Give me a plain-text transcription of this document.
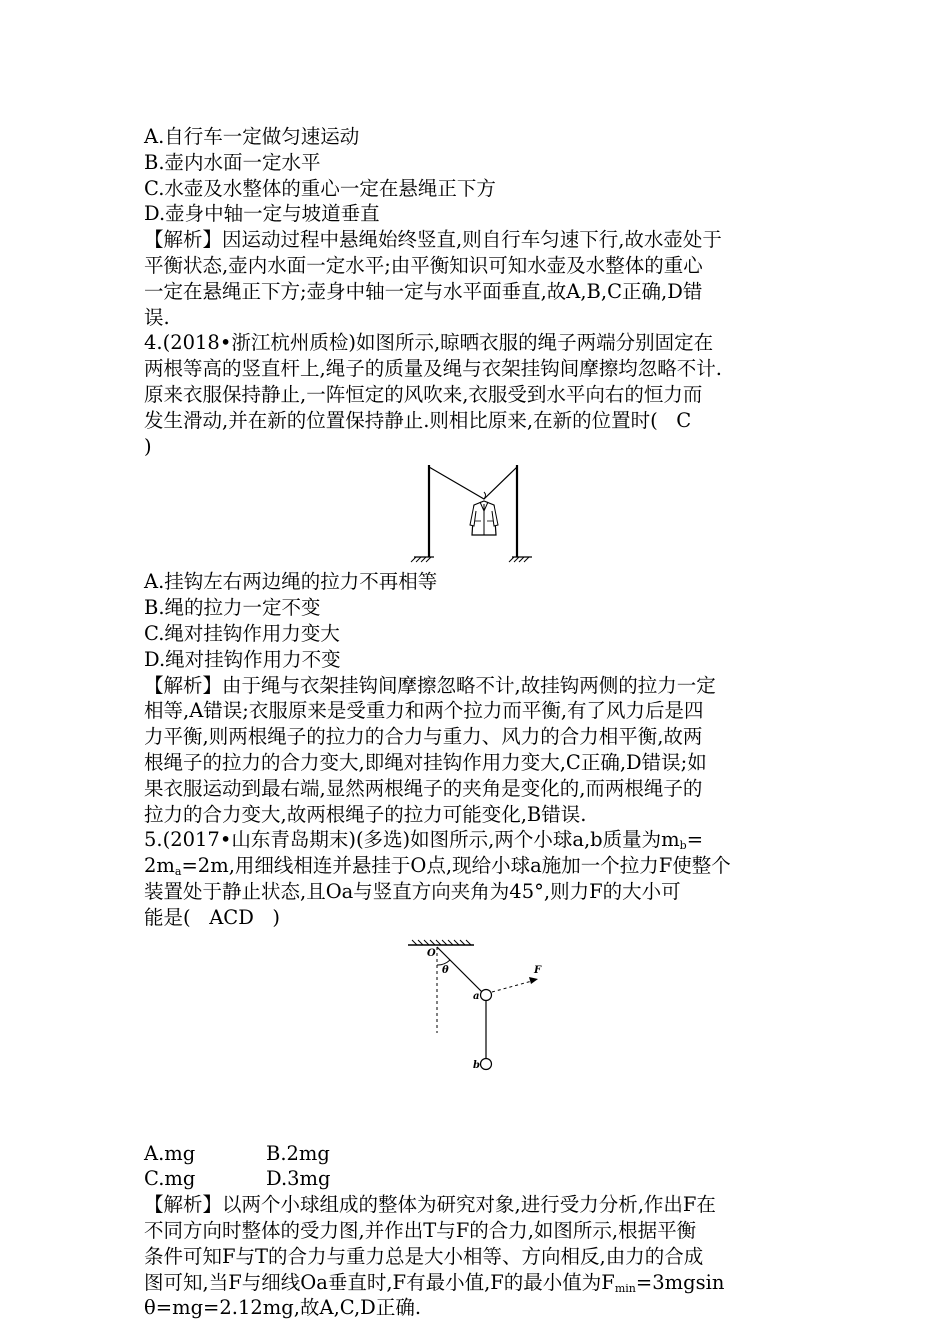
A.自行车一定做匀速运动
B.壶内水面一定水平
C.水壶及水整体的重心一定在悬绳正下方
D.壶身中轴一定与坡道垂直
【解析】因运动过程中悬绳始终竖直,则自行车匀速下行,故水壶处于
平衡状态,壶内水面一定水平;由平衡知识可知水壶及水整体的重心
一定在悬绳正下方;壶身中轴一定与水平面垂直,故A,B,C正确,D错
误.
4.(2018•浙江杭州质检)如图所示,晾晒衣服的绳子两端分别固定在
两根等高的竖直杆上,绳子的质量及绳与衣架挂钩间摩擦均忽略不计.
原来衣服保持静止,一阵恒定的风吹来,衣服受到水平向右的恒力而
发生滑动,并在新的位置保持静止.则相比原来,在新的位置时(   C
)
A.挂钩左右两边绳的拉力不再相等
B.绳的拉力一定不变
C.绳对挂钩作用力变大
D.绳对挂钩作用力不变
【解析】由于绳与衣架挂钩间摩擦忽略不计,故挂钩两侧的拉力一定
相等,A错误;衣服原来是受重力和两个拉力而平衡,有了风力后是四
力平衡,则两根绳子的拉力的合力与重力、风力的合力相平衡,故两
根绳子的拉力的合力变大,即绳对挂钩作用力变大,C正确,D错误;如
果衣服运动到最右端,显然两根绳子的夹角是变化的,而两根绳子的
拉力的合力变大,故两根绳子的拉力可能变化,B错误.
5.(2017•山东青岛期末)(多选)如图所示,两个小球a,b质量为$m_b=$
$2m_a=2m$,用细线相连并悬挂于O点,现给小球a施加一个拉力F使整个
装置处于静止状态,且Oa与竖直方向夹角为45°,则力F的大小可
能是(   ACD   )
O
θ
a
b
F
A.mg	B.2mg
C.mg	D.3mg
【解析】以两个小球组成的整体为研究对象,进行受力分析,作出F在
不同方向时整体的受力图,并作出T与F的合力,如图所示,根据平衡
条件可知F与T的合力与重力总是大小相等、方向相反,由力的合成
图可知,当F与细线Oa垂直时,F有最小值,F的最小值为$F_{min}=3mgsin$
θ=mg=2.12mg,故A,C,D正确.
